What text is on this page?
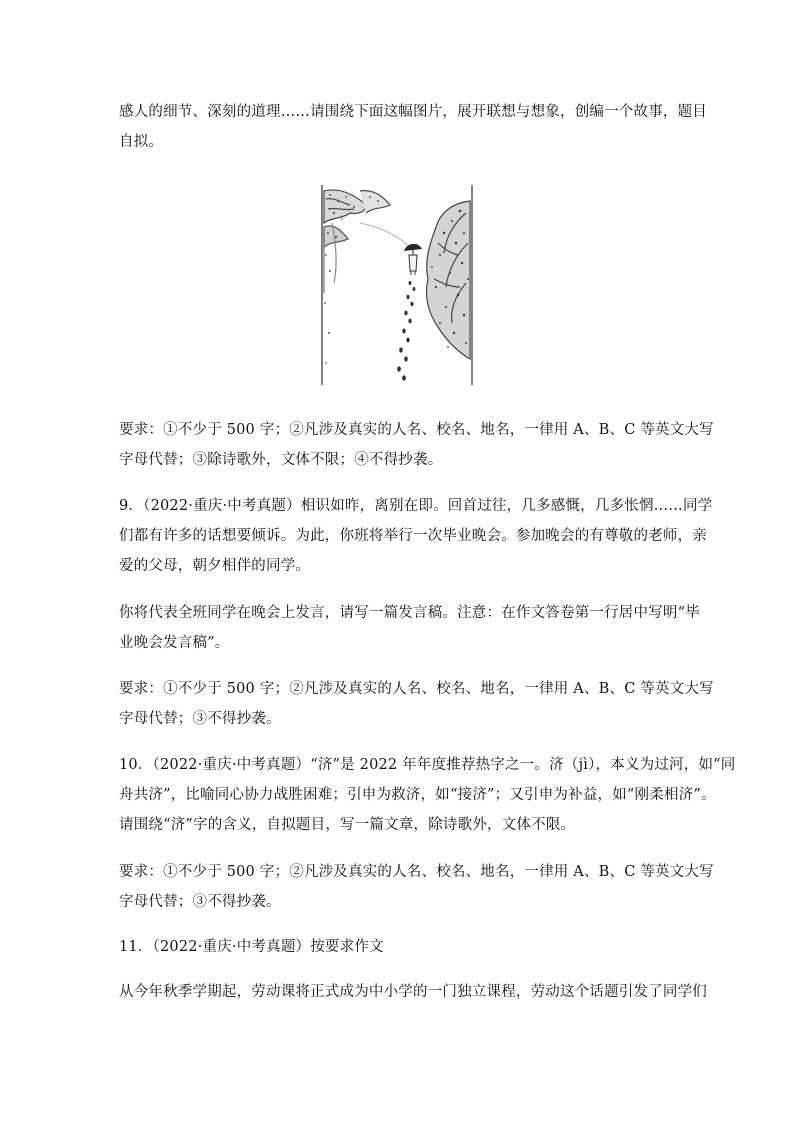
感人的细节、深刻的道理……请围绕下面这幅图片，展开联想与想象，创编一个故事，题目
自拟。

要求：①不少于 500 字；②凡涉及真实的人名、校名、地名，一律用 A、B、C 等英文大写
字母代替；③除诗歌外，文体不限；④不得抄袭。

9．（2022·重庆·中考真题）相识如昨，离别在即。回首过往，几多感慨，几多怅惘……同学
们都有许多的话想要倾诉。为此，你班将举行一次毕业晚会。参加晚会的有尊敬的老师，亲
爱的父母，朝夕相伴的同学。

你将代表全班同学在晚会上发言，请写一篇发言稿。注意：在作文答卷第一行居中写明“毕
业晚会发言稿”。

要求：①不少于 500 字；②凡涉及真实的人名、校名、地名，一律用 A、B、C 等英文大写
字母代替；③不得抄袭。

10．（2022·重庆·中考真题）“济”是 2022 年年度推荐热字之一。济（jì），本义为过河，如“同
舟共济”，比喻同心协力战胜困难；引申为救济，如“接济”；又引申为补益，如“刚柔相济”。
请围绕“济”字的含义，自拟题目，写一篇文章，除诗歌外，文体不限。

要求：①不少于 500 字；②凡涉及真实的人名、校名、地名，一律用 A、B、C 等英文大写
字母代替；③不得抄袭。

11．（2022·重庆·中考真题）按要求作文

从今年秋季学期起，劳动课将正式成为中小学的一门独立课程，劳动这个话题引发了同学们
